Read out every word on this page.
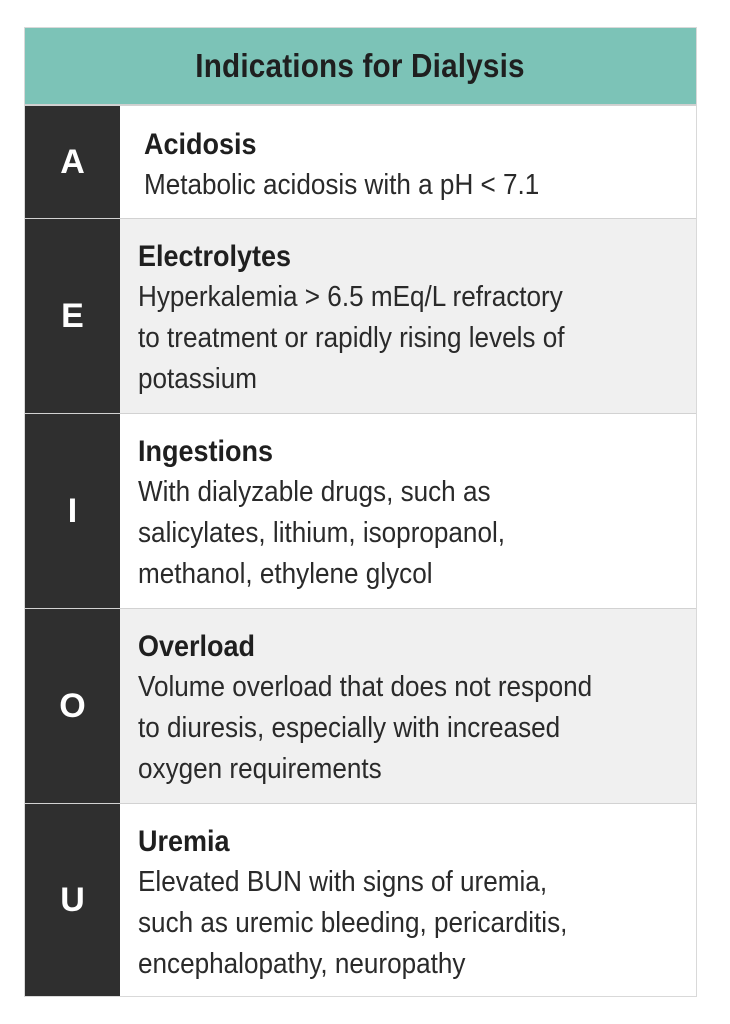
Indications for Dialysis
A	Acidosis
Metabolic acidosis with a pH < 7.1
E
Electrolytes
Hyperkalemia > 6.5 mEq/L refractory
to treatment or rapidly rising levels of
potassium
I
Ingestions
With dialyzable drugs, such as
salicylates, lithium, isopropanol,
methanol, ethylene glycol
O
Overload
Volume overload that does not respond
to diuresis, especially with increased
oxygen requirements
U
Uremia
Elevated BUN with signs of uremia,
such as uremic bleeding, pericarditis,
encephalopathy, neuropathy
